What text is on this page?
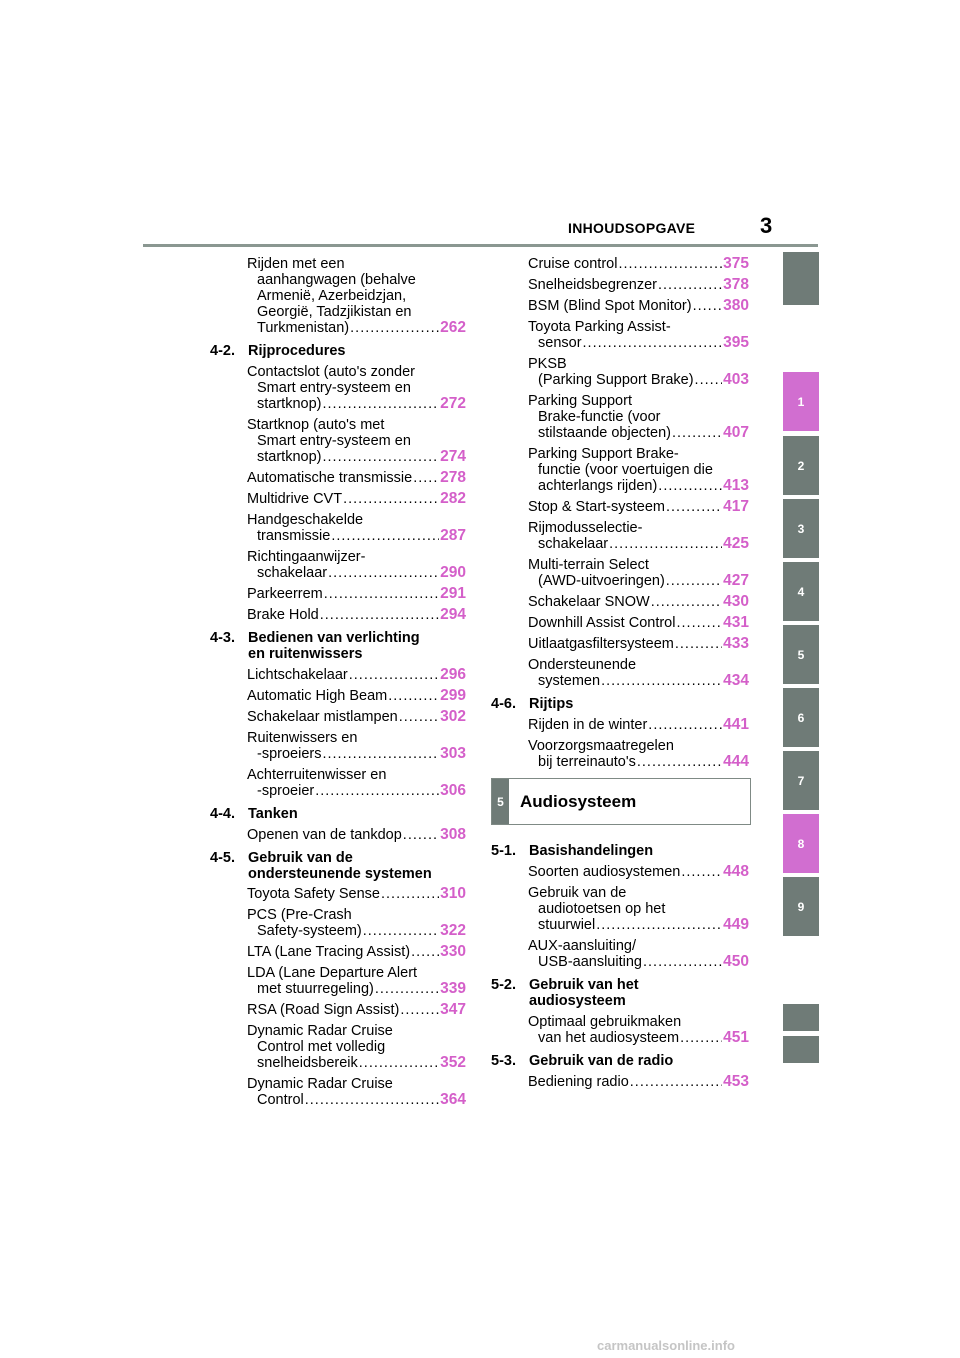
INHOUDSOPGAVE	3
1
2
3
4
5
6
7
8
9
Rijden met een
aanhangwagen (behalve
Armenië, Azerbeidzjan,
Georgië, Tadzjikistan en
Turkmenistan) .....	262
4-2. Rijprocedures
Contactslot (auto's zonder
Smart entry-systeem en
startknop) .....	272
Startknop (auto's met
Smart entry-systeem en
startknop) .....	274
Automatische transmissie ..... 278
Multidrive CVT .....	282
Handgeschakelde
transmissie .....	287
Richtingaanwijzer-
schakelaar .....	290
Parkeerrem .....	291
Brake Hold .....	294
4-3. Bedienen van verlichting
en ruitenwissers
Lichtschakelaar .....	296
Automatic High Beam .....	299
Schakelaar mistlampen .....	302
Ruitenwissers en
-sproeiers .....	303
Achterruitenwisser en
-sproeier .....	306
4-4. Tanken
Openen van de tankdop ..... 308
4-5. Gebruik van de
ondersteunende systemen
Toyota Safety Sense .....	310
PCS (Pre-Crash
Safety-systeem) .....	322
LTA (Lane Tracing Assist) ..... 330
LDA (Lane Departure Alert
met stuurregeling) .....	339
RSA (Road Sign Assist) .....	347
Dynamic Radar Cruise
Control met volledig
snelheidsbereik .....	352
Dynamic Radar Cruise
Control .....	364
Cruise control .....	375
Snelheidsbegrenzer .....	378
BSM (Blind Spot Monitor) ..... 380
Toyota Parking Assist-
sensor .....	395
PKSB
(Parking Support Brake) ..... 403
Parking Support
Brake-functie (voor
stilstaande objecten) .....	407
Parking Support Brake-
functie (voor voertuigen die
achterlangs rijden) .....	413
Stop & Start-systeem .....	417
Rijmodusselectie-
schakelaar .....	425
Multi-terrain Select
(AWD-uitvoeringen) .....	427
Schakelaar SNOW .....	430
Downhill Assist Control .....	431
Uitlaatgasfiltersysteem .....	433
Ondersteunende
systemen .....	434
4-6. Rijtips
Rijden in de winter .....	441
Voorzorgsmaatregelen
bij terreinauto's .....	444
5-1. Basishandelingen
Soorten audiosystemen .....	448
Gebruik van de
audiotoetsen op het
stuurwiel .....	449
AUX-aansluiting/
USB-aansluiting .....	450
5-2. Gebruik van het
audiosysteem
Optimaal gebruikmaken
van het audiosysteem .....	451
5-3. Gebruik van de radio
Bediening radio .....	453
5 Audiosysteem
carmanualsonline.info
